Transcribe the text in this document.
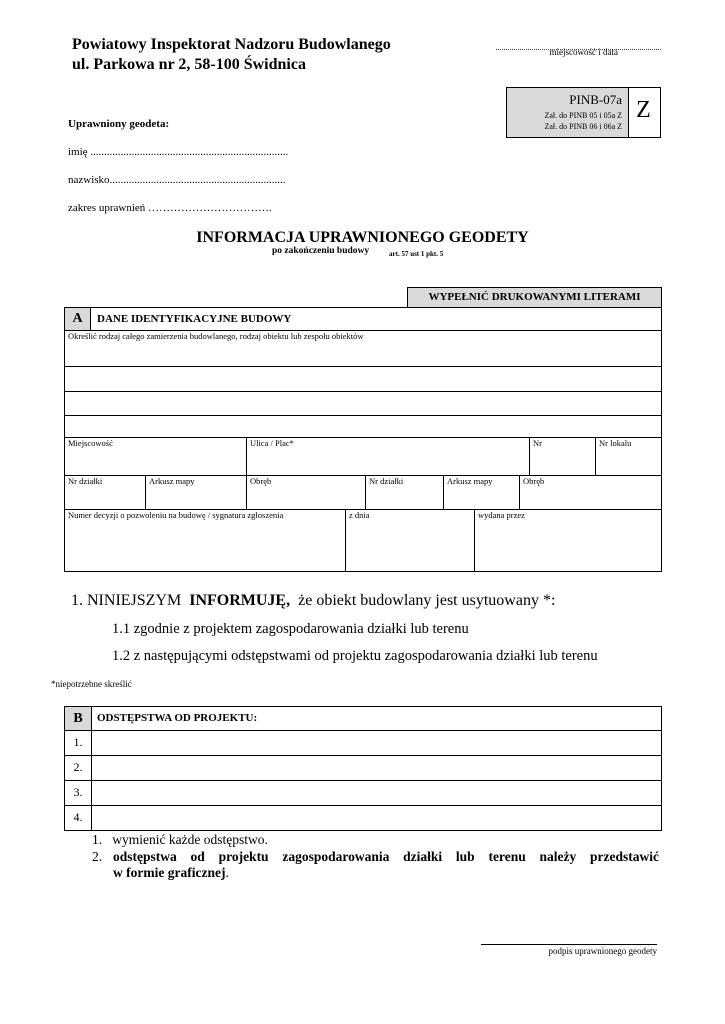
Powiatowy Inspektorat Nadzoru Budowlanego
ul. Parkowa nr 2, 58-100 Świdnica
miejscowość i data
PINB-07a
Zał. do PINB 05 i 05a Z
Zał. do PINB 06 i 06a Z
Z
Uprawniony geodeta:
imię ........................................................................
nazwisko................................................................
zakres uprawnień …………………………….
INFORMACJA UPRAWNIONEGO GEODETY
po zakończeniu budowy	art. 57 ust 1 pkt. 5
WYPEŁNIĆ DRUKOWANYMI LITERAMI
A	DANE IDENTYFIKACYJNE BUDOWY
Określić rodzaj całego zamierzenia budowlanego, rodzaj obiektu lub zespołu obiektów
Miejscowość	Ulica / Plac*	Nr	Nr lokalu
Nr działki	Arkusz mapy	Obręb	Nr działki	Arkusz mapy	Obręb
Numer decyzji o pozwoleniu na budowę / sygnatura zgłoszenia	z dnia	wydana przez
1. NINIEJSZYM INFORMUJĘ, że obiekt budowlany jest usytuowany *:
1.1 zgodnie z projektem zagospodarowania działki lub terenu
1.2 z następującymi odstępstwami od projektu zagospodarowania działki lub terenu
*niepotrzebne skreślić
B	ODSTĘPSTWA OD PROJEKTU:
1.
2.
3.
4.
1. wymienić każde odstępstwo.
2. odstępstwa od projektu zagospodarowania działki lub terenu należy przedstawić
w formie graficznej.
podpis uprawnionego geodety
